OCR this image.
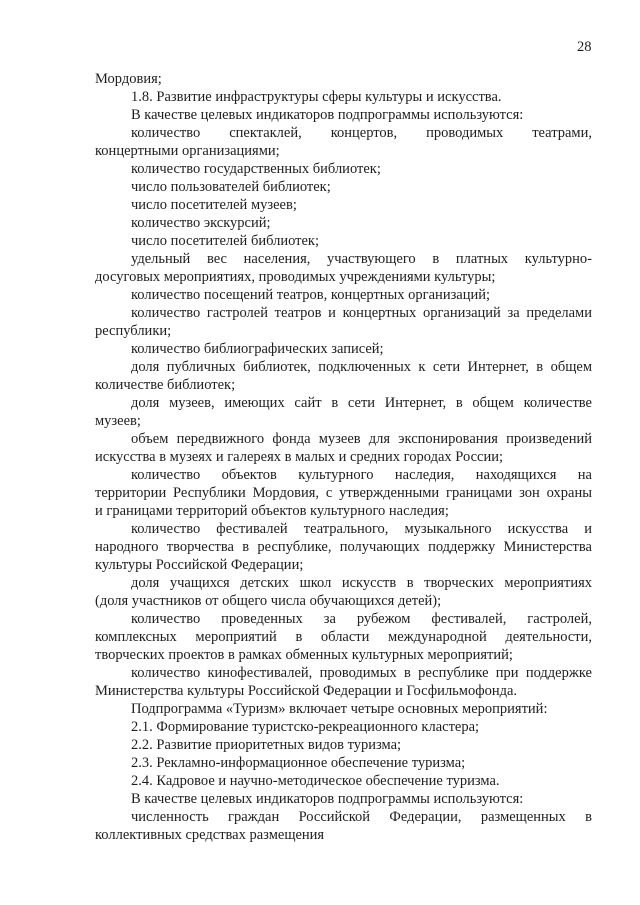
28
Мордовия;
1.8. Развитие инфраструктуры сферы культуры и искусства.
В качестве целевых индикаторов подпрограммы используются:
количество спектаклей, концертов, проводимых театрами,
концертными организациями;
количество государственных библиотек;
число пользователей библиотек;
число посетителей музеев;
количество экскурсий;
число посетителей библиотек;
удельный вес населения, участвующего в платных культурно-
досуговых мероприятиях, проводимых учреждениями культуры;
количество посещений театров, концертных организаций;
количество гастролей театров и концертных организаций за пределами
республики;
количество библиографических записей;
доля публичных библиотек, подключенных к сети Интернет, в общем
количестве библиотек;
доля музеев, имеющих сайт в сети Интернет, в общем количестве
музеев;
объем передвижного фонда музеев для экспонирования произведений
искусства в музеях и галереях в малых и средних городах России;
количество объектов культурного наследия, находящихся на
территории Республики Мордовия, с утвержденными границами зон охраны
и границами территорий объектов культурного наследия;
количество фестивалей театрального, музыкального искусства и
народного творчества в республике, получающих поддержку Министерства
культуры Российской Федерации;
доля учащихся детских школ искусств в творческих мероприятиях
(доля участников от общего числа обучающихся детей);
количество проведенных за рубежом фестивалей, гастролей,
комплексных мероприятий в области международной деятельности,
творческих проектов в рамках обменных культурных мероприятий;
количество кинофестивалей, проводимых в республике при поддержке
Министерства культуры Российской Федерации и Госфильмофонда.
Подпрограмма «Туризм» включает четыре основных мероприятий:
2.1. Формирование туристско-рекреационного кластера;
2.2. Развитие приоритетных видов туризма;
2.3. Рекламно-информационное обеспечение туризма;
2.4. Кадровое и научно-методическое обеспечение туризма.
В качестве целевых индикаторов подпрограммы используются:
численность граждан Российской Федерации, размещенных в
коллективных средствах размещения
